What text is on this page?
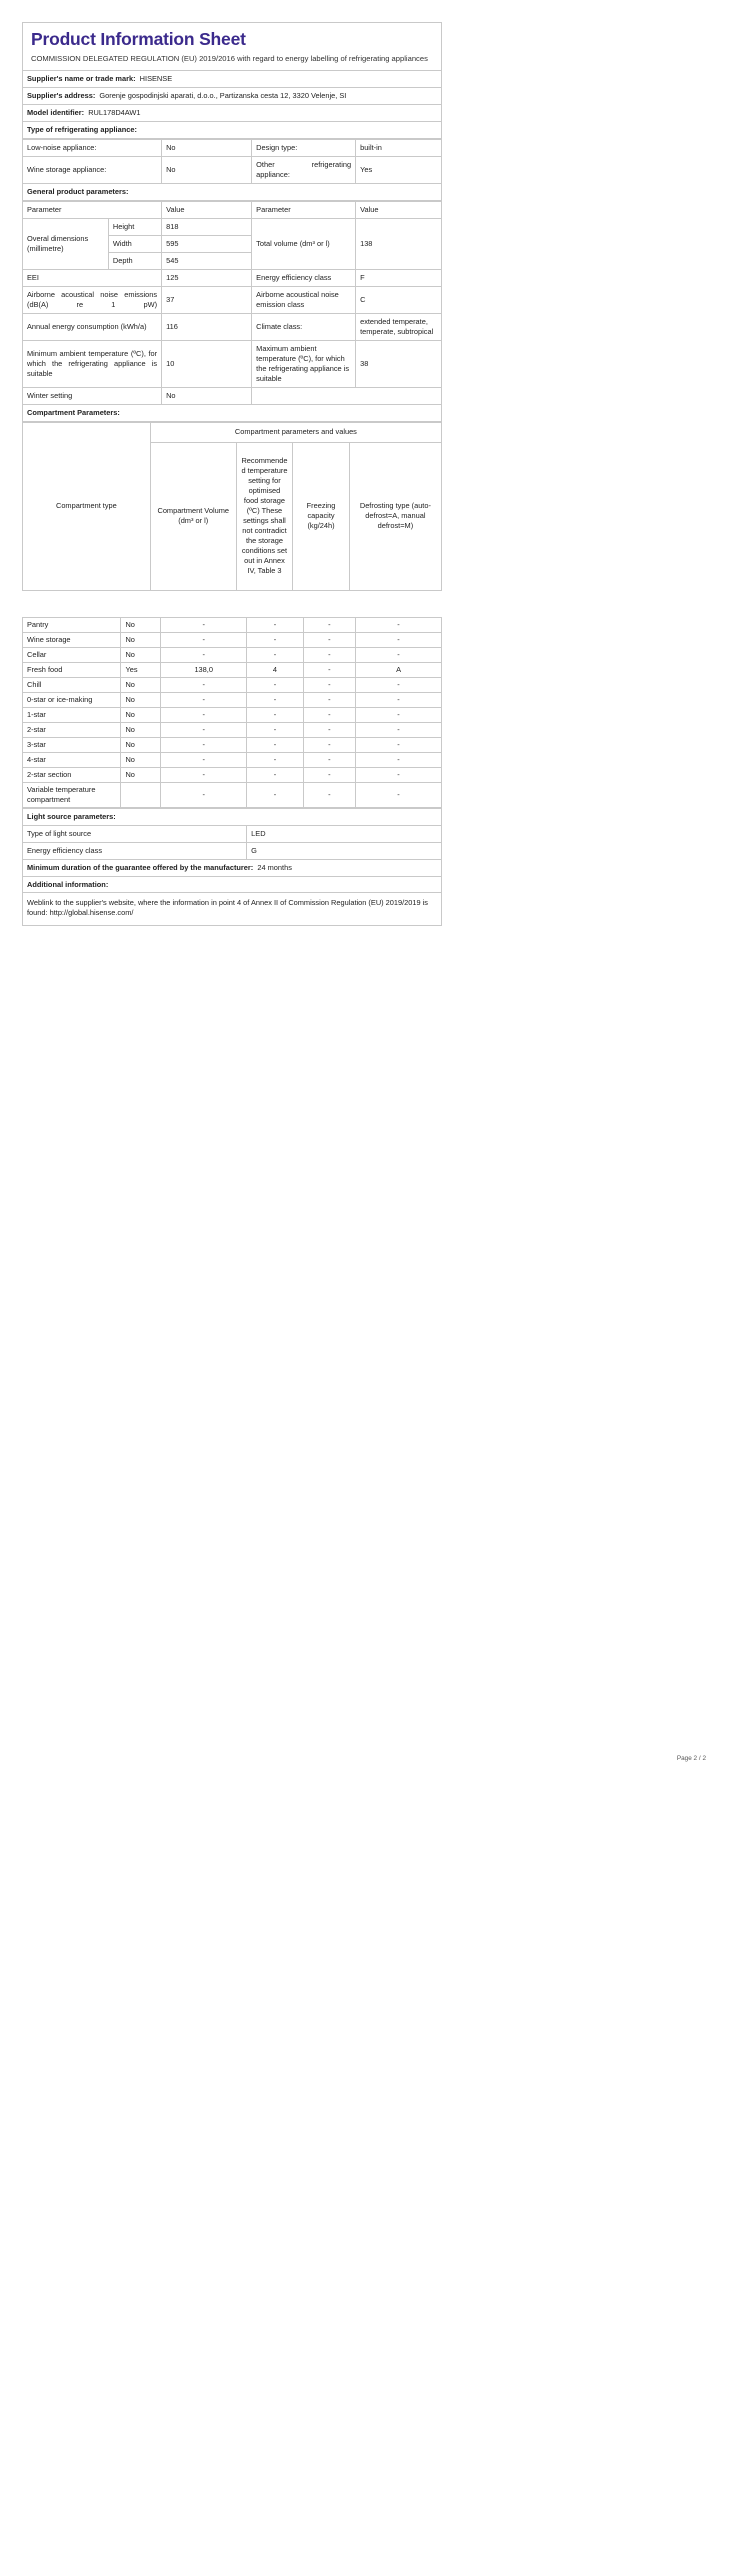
Product Information Sheet
COMMISSION DELEGATED REGULATION (EU) 2019/2016 with regard to energy labelling of refrigerating appliances
Supplier's name or trade mark: HISENSE
Supplier's address: Gorenje gospodinjski aparati, d.o.o., Partizanska cesta 12, 3320 Velenje, SI
Model identifier: RUL178D4AW1
Type of refrigerating appliance:
Low-noise appliance:	No	Design type:	built-in
Wine storage appliance:	No	Other refrigerating appliance:	Yes
General product parameters:			
Parameter		Value	Parameter	Value
Overal dimensions (millimetre)	Height	818	Total volume (dm³ or l)	138
	Width	595		
	Depth	545		
EEI		125	Energy efficiency class	F
Airborne acoustical noise emissions (dB(A) re 1 pW)		37	Airborne acoustical noise emission class	C
Annual energy consumption (kWh/a)		116	Climate class:	extended temperate, temperate, subtropical
Minimum ambient temperature (ºC), for which the refrigerating appliance is suitable		10	Maximum ambient temperature (ºC), for which the refrigerating appliance is suitable	38
Winter setting		No		
Compartment Parameters:				
Compartment type	Compartment parameters and values			
	Compartment Volume (dm³ or l)	Recommended temperature setting for optimised food storage (ºC) These settings shall not contradict the storage conditions set out in Annex IV, Table 3	Freezing capacity (kg/24h)	Defrosting type (auto-defrost=A, manual defrost=M)
Pantry	No	-	-	-	-
Wine storage	No	-	-	-	-
Cellar	No	-	-	-	-
Fresh food	Yes	138,0	4	-	A
Chill	No	-	-	-	-
0-star or ice-making	No	-	-	-	-
1-star	No	-	-	-	-
2-star	No	-	-	-	-
3-star	No	-	-	-	-
4-star	No	-	-	-	-
2-star section	No	-	-	-	-
Variable temperature compartment		-	-	-	-
Light source parameters:	
Type of light source	LED
Energy efficiency class	G
Minimum duration of the guarantee offered by the manufacturer: 24 months	
Additional information:	
Weblink to the supplier's website, where the information in point 4 of Annex II of Commission Regulation (EU) 2019/2019 is found: http://global.hisense.com/	
Page 2 / 2
